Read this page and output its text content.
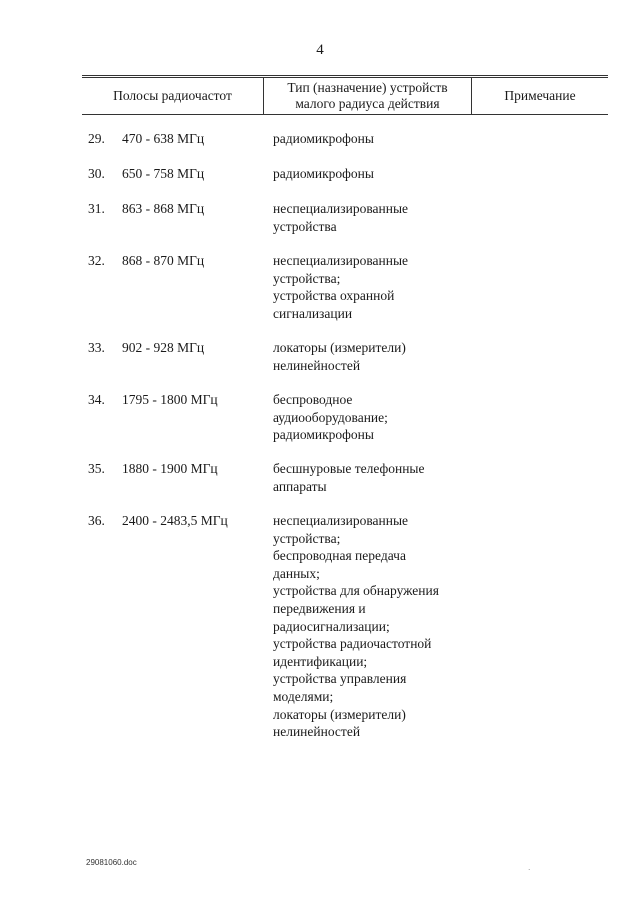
4
Полосы радиочастот
Тип (назначение) устройств
малого радиуса действия
Примечание
29.	470 - 638 МГц	радиомикрофоны
30.	650 - 758 МГц	радиомикрофоны
31.	863 - 868 МГц	неспециализированные
устройства
32.	868 - 870 МГц	неспециализированные
устройства;
устройства охранной
сигнализации
33.	902 - 928 МГц	локаторы (измерители)
нелинейностей
34.	1795 - 1800 МГц	беспроводное
аудиооборудование;
радиомикрофоны
35.	1880 - 1900 МГц	бесшнуровые телефонные
аппараты
36.	2400 - 2483,5 МГц	неспециализированные
устройства;
беспроводная передача
данных;
устройства для обнаружения
передвижения и
радиосигнализации;
устройства радиочастотной
идентификации;
устройства управления
моделями;
локаторы (измерители)
нелинейностей
29081060.doc
·
